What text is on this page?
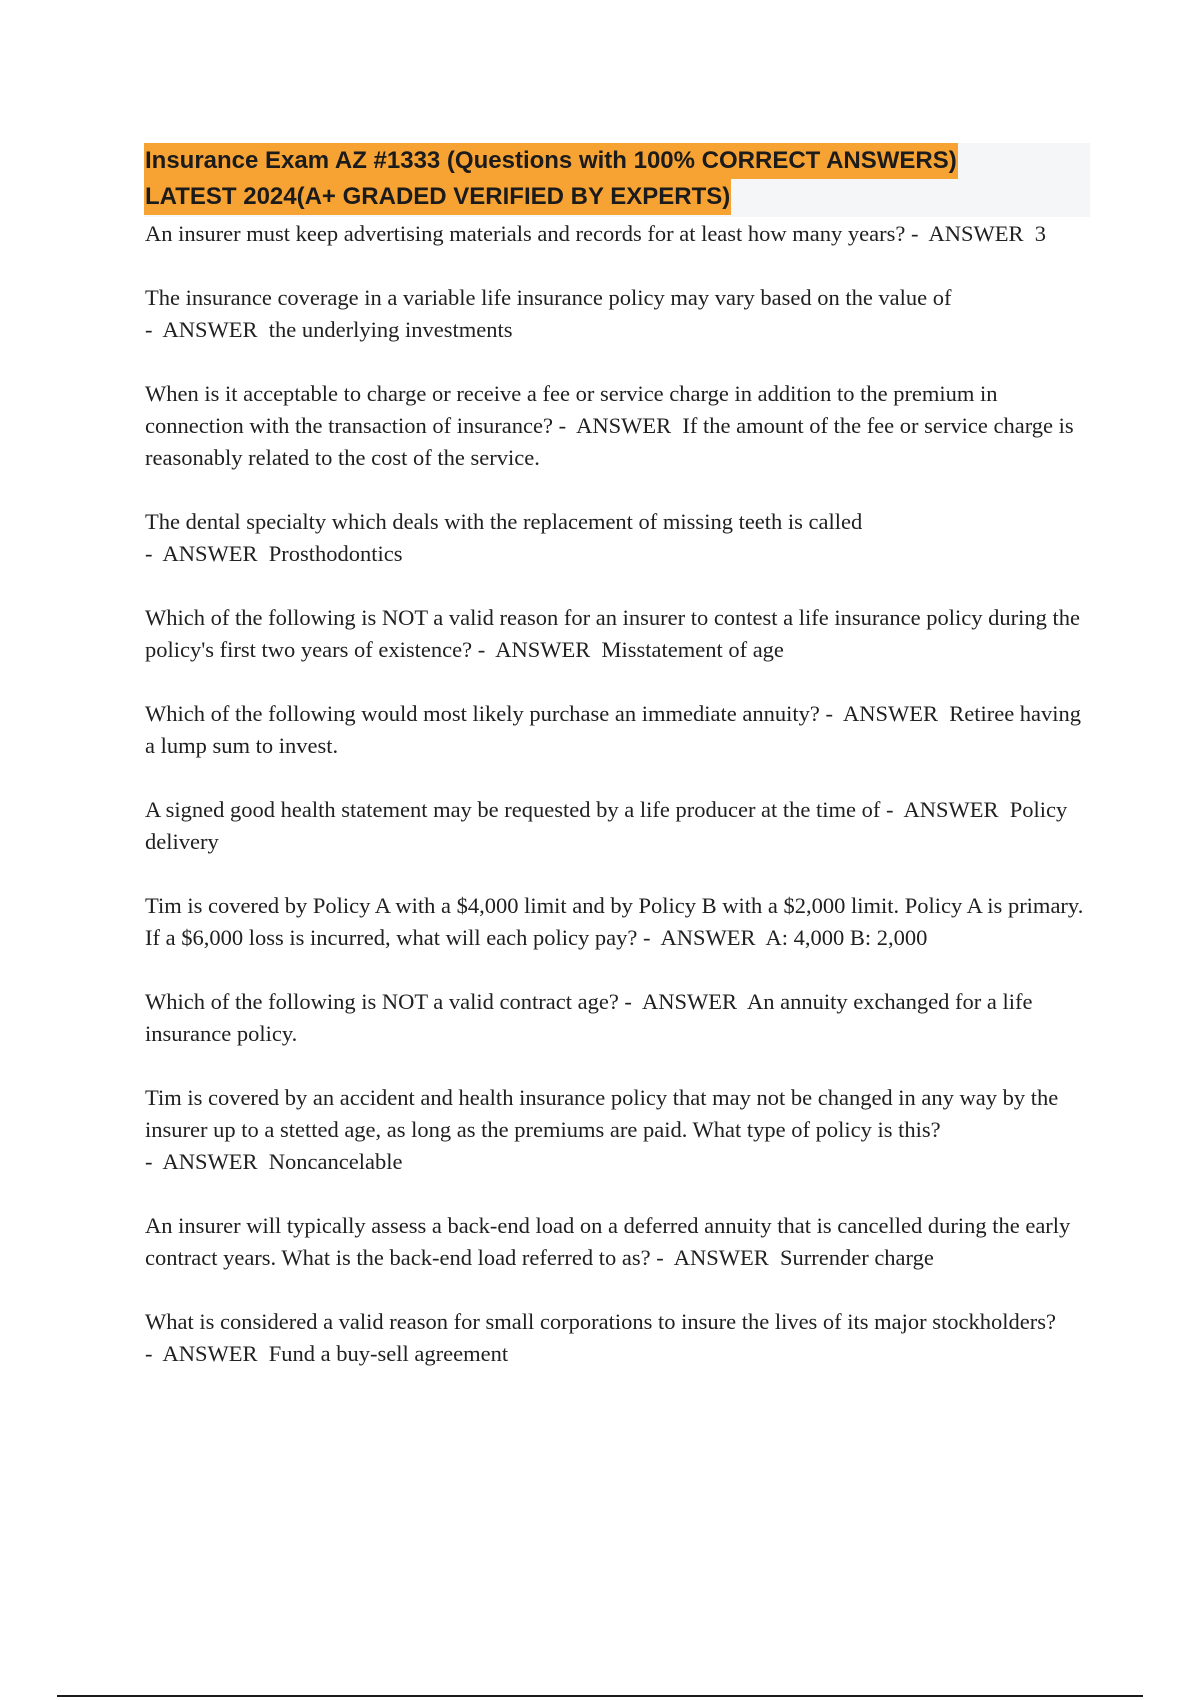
Insurance Exam AZ #1333 (Questions with 100% CORRECT ANSWERS)
LATEST 2024(A+ GRADED VERIFIED BY EXPERTS)
An insurer must keep advertising materials and records for at least how many years? - ANSWER 3
The insurance coverage in a variable life insurance policy may vary based on the value of - ANSWER the underlying investments
When is it acceptable to charge or receive a fee or service charge in addition to the premium in connection with the transaction of insurance? - ANSWER If the amount of the fee or service charge is reasonably related to the cost of the service.
The dental specialty which deals with the replacement of missing teeth is called - ANSWER Prosthodontics
Which of the following is NOT a valid reason for an insurer to contest a life insurance policy during the policy's first two years of existence? - ANSWER Misstatement of age
Which of the following would most likely purchase an immediate annuity? - ANSWER Retiree having a lump sum to invest.
A signed good health statement may be requested by a life producer at the time of - ANSWER Policy delivery
Tim is covered by Policy A with a $4,000 limit and by Policy B with a $2,000 limit. Policy A is primary. If a $6,000 loss is incurred, what will each policy pay? - ANSWER A: 4,000 B: 2,000
Which of the following is NOT a valid contract age? - ANSWER An annuity exchanged for a life insurance policy.
Tim is covered by an accident and health insurance policy that may not be changed in any way by the insurer up to a stetted age, as long as the premiums are paid. What type of policy is this? - ANSWER Noncancelable
An insurer will typically assess a back-end load on a deferred annuity that is cancelled during the early contract years. What is the back-end load referred to as? - ANSWER Surrender charge
What is considered a valid reason for small corporations to insure the lives of its major stockholders? - ANSWER Fund a buy-sell agreement
